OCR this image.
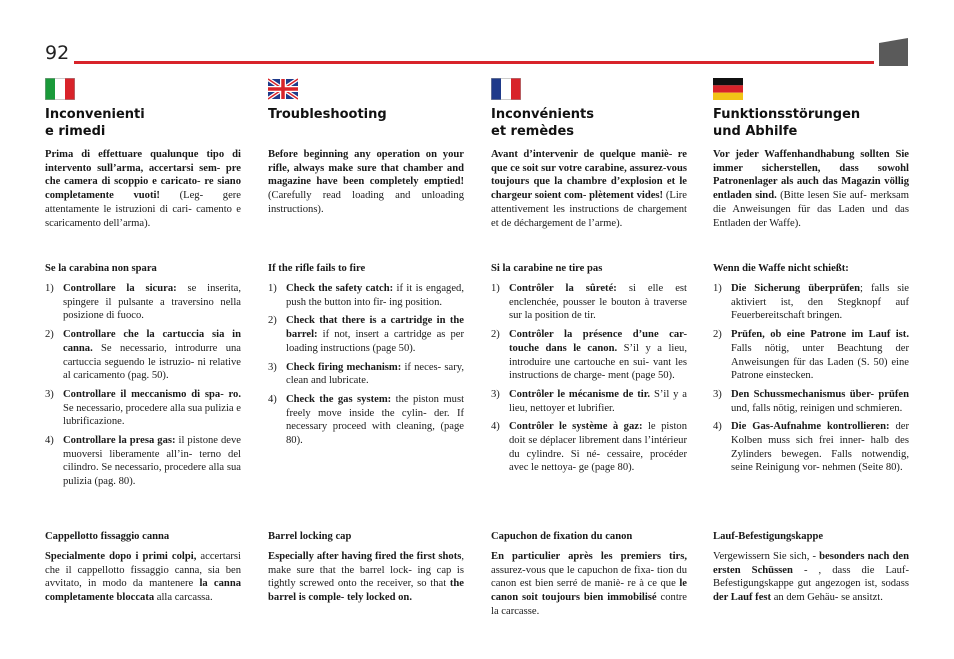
92
Inconvenienti
e rimedi
Prima di effettuare qualunque tipo di intervento sull’arma, accertarsi sem- pre che camera di scoppio e caricato- re siano completamente vuoti! (Leg- gere attentamente le istruzioni di cari- camento e scaricamento dell’arma).
Se la carabina non spara
1) Controllare la sicura: se inserita, spingere il pulsante a traversino nella posizione di fuoco.
2) Controllare che la cartuccia sia in canna. Se necessario, introdurre una cartuccia seguendo le istruzio- ni relative al caricamento (pag. 50).
3) Controllare il meccanismo di spa- ro. Se necessario, procedere alla sua pulizia e lubrificazione.
4) Controllare la presa gas: il pistone deve muoversi liberamente all’in- terno del cilindro. Se necessario, procedere alla sua pulizia (pag. 80).
Cappellotto fissaggio canna
Specialmente dopo i primi colpi, accertarsi che il cappellotto fissaggio canna, sia ben avvitato, in modo da mantenere la canna completamente bloccata alla carcassa.
Troubleshooting
Before beginning any operation on your rifle, always make sure that chamber and magazine have been completely emptied! (Carefully read loading and unloading instructions).
If the rifle fails to fire
1) Check the safety catch: if it is engaged, push the button into fir- ing position.
2) Check that there is a cartridge in the barrel: if not, insert a cartridge as per loading instructions (page 50).
3) Check firing mechanism: if neces- sary, clean and lubricate.
4) Check the gas system: the piston must freely move inside the cylin- der. If necessary proceed with cleaning, (page 80).
Barrel locking cap
Especially after having fired the first shots, make sure that the barrel lock- ing cap is tightly screwed onto the receiver, so that the barrel is comple- tely locked on.
Inconvénients
et remèdes
Avant d’intervenir de quelque maniè- re que ce soit sur votre carabine, assurez-vous toujours que la chambre d’explosion et le chargeur soient com- plètement vides! (Lire attentivement les instructions de chargement et de déchargement de l’arme).
Si la carabine ne tire pas
1) Contrôler la sûreté: si elle est enclenchée, pousser le bouton à traverse sur la position de tir.
2) Contrôler la présence d’une car- touche dans le canon. S’il y a lieu, introduire une cartouche en sui- vant les instructions de charge- ment (page 50).
3) Contrôler le mécanisme de tir. S’il y a lieu, nettoyer et lubrifier.
4) Contrôler le système à gaz: le piston doit se déplacer librement dans l’intérieur du cylindre. Si né- cessaire, procéder avec le nettoya- ge (page 80).
Capuchon de fixation du canon
En particulier après les premiers tirs, assurez-vous que le capuchon de fixa- tion du canon est bien serré de maniè- re à ce que le canon soit toujours bien immobilisé contre la carcasse.
Funktionsstörungen
und Abhilfe
Vor jeder Waffenhandhabung sollten Sie immer sicherstellen, dass sowohl Patronenlager als auch das Magazin völlig entladen sind. (Bitte lesen Sie auf- merksam die Anweisungen für das Laden und das Entladen der Waffe).
Wenn die Waffe nicht schießt:
1) Die Sicherung überprüfen; falls sie aktiviert ist, den Stegknopf auf Feuerbereitschaft bringen.
2) Prüfen, ob eine Patrone im Lauf ist. Falls nötig, unter Beachtung der Anweisungen für das Laden (S. 50) eine Patrone einstecken.
3) Den Schussmechanismus über- prüfen und, falls nötig, reinigen und schmieren.
4) Die Gas-Aufnahme kontrollieren: der Kolben muss sich frei inner- halb des Zylinders bewegen. Falls notwendig, seine Reinigung vor- nehmen (Seite 80).
Lauf-Befestigungskappe
Vergewissern Sie sich, - besonders nach den ersten Schüssen - , dass die Lauf-Befestigungskappe gut angezogen ist, sodass der Lauf fest an dem Gehäu- se ansitzt.
